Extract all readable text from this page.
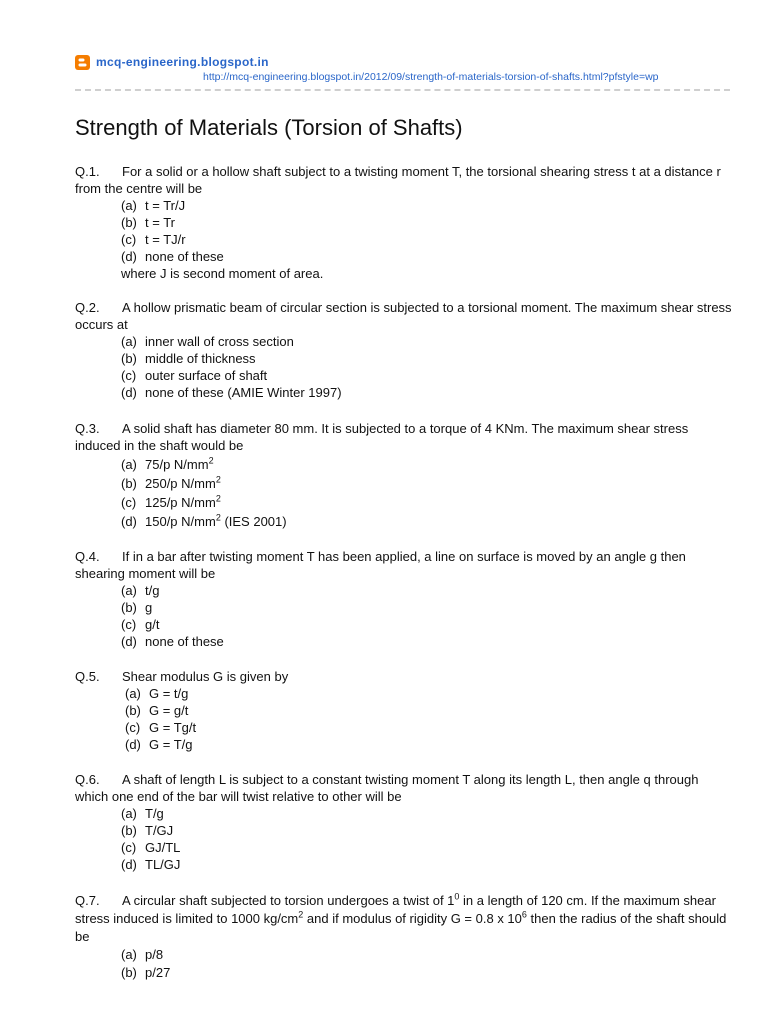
mcq-engineering.blogspot.in
http://mcq-engineering.blogspot.in/2012/09/strength-of-materials-torsion-of-shafts.html?pfstyle=wp
Strength of Materials (Torsion of Shafts)

Q.1. For a solid or a hollow shaft subject to a twisting moment T, the torsional shearing stress t at a distance r from the centre will be

(a) t = Tr/J

(b) t = Tr

(c) t = TJ/r

(d) none of these

where J is second moment of area.

Q.2. A hollow prismatic beam of circular section is subjected to a torsional moment. The maximum shear stress occurs at

(a) inner wall of cross section

(b) middle of thickness

(c) outer surface of shaft

(d) none of these (AMIE Winter 1997)

Q.3. A solid shaft has diameter 80 mm. It is subjected to a torque of 4 KNm. The maximum shear stress induced in the shaft would be

(a) 75/p $N/mm^2$

(b) 250/p $N/mm^2$

(c) 125/p $N/mm^2$

(d) 150/p $N/mm^2$ (IES 2001)

Q.4. If in a bar after twisting moment T has been applied, a line on surface is moved by an angle g then shearing moment will be

(a) t/g

(b) g

(c) g/t

(d) none of these

Q.5. Shear modulus G is given by

(a) G = t/g

(b) G = g/t

(c) G = Tg/t

(d) G = T/g

Q.6. A shaft of length L is subject to a constant twisting moment T along its length L, then angle q through which one end of the bar will twist relative to other will be

(a) T/g

(b) T/GJ

(c) GJ/TL

(d) TL/GJ

Q.7. A circular shaft subjected to torsion undergoes a twist of $1^0$ in a length of 120 cm. If the maximum shear stress induced is limited to 1000 $kg/cm^2$ and if modulus of rigidity G = 0.8 x $10^6$ then the radius of the shaft should be

(a) p/8

(b) p/27
